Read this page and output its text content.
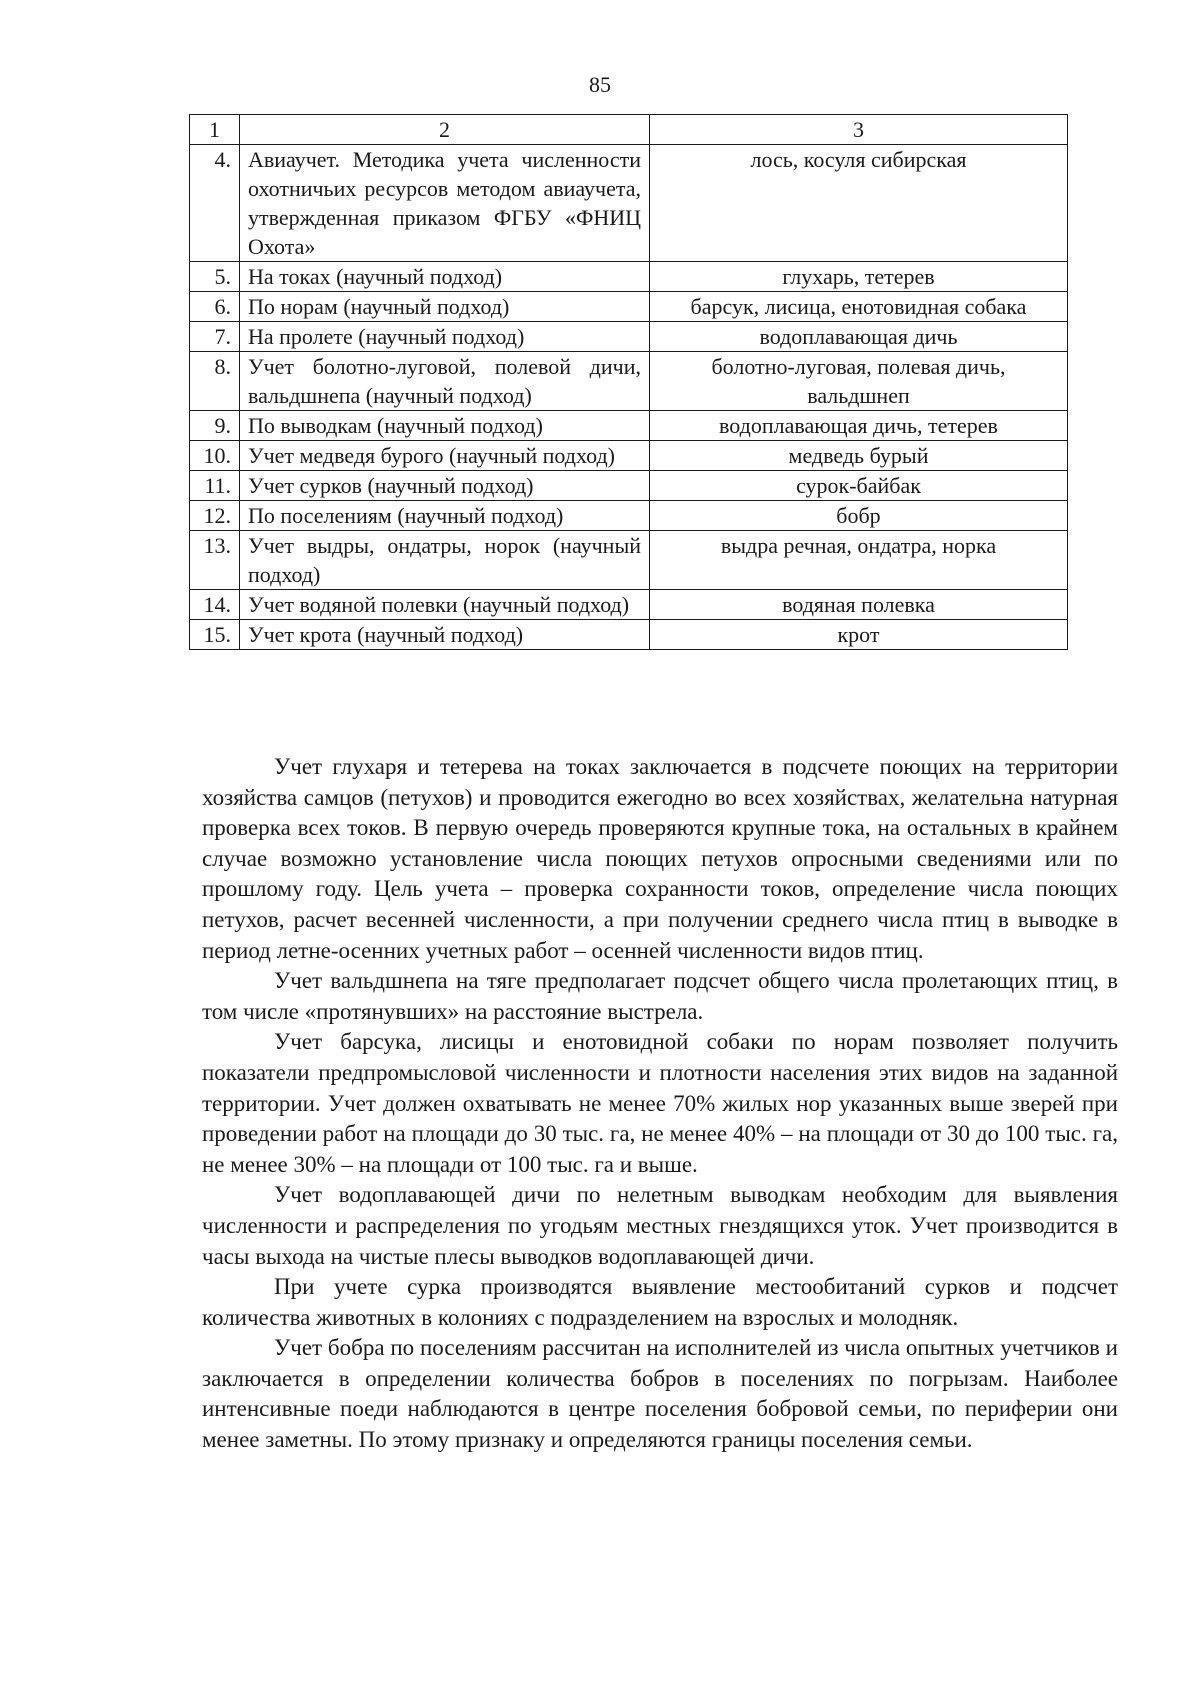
85
1	2	3
4.	Авиаучет. Методика учета численности охотничьих ресурсов методом авиаучета, утвержденная приказом ФГБУ «ФНИЦ Охота»	лось, косуля сибирская
5.	На токах (научный подход)	глухарь, тетерев
6.	По норам (научный подход)	барсук, лисица, енотовидная собака
7.	На пролете (научный подход)	водоплавающая дичь
8.	Учет болотно-луговой, полевой дичи, вальдшнепа (научный подход)	болотно-луговая, полевая дичь, вальдшнеп
9.	По выводкам (научный подход)	водоплавающая дичь, тетерев
10.	Учет медведя бурого (научный подход)	медведь бурый
11.	Учет сурков (научный подход)	сурок-байбак
12.	По поселениям (научный подход)	бобр
13.	Учет выдры, ондатры, норок (научный подход)	выдра речная, ондатра, норка
14.	Учет водяной полевки (научный подход)	водяная полевка
15.	Учет крота (научный подход)	крот

Учет глухаря и тетерева на токах заключается в подсчете поющих на территории хозяйства самцов (петухов) и проводится ежегодно во всех хозяйствах, желательна натурная проверка всех токов. В первую очередь проверяются крупные тока, на остальных в крайнем случае возможно установление числа поющих петухов опросными сведениями или по прошлому году. Цель учета – проверка сохранности токов, определение числа поющих петухов, расчет весенней численности, а при получении среднего числа птиц в выводке в период летне-осенних учетных работ – осенней численности видов птиц.

Учет вальдшнепа на тяге предполагает подсчет общего числа пролетающих птиц, в том числе «протянувших» на расстояние выстрела.

Учет барсука, лисицы и енотовидной собаки по норам позволяет получить показатели предпромысловой численности и плотности населения этих видов на заданной территории. Учет должен охватывать не менее 70% жилых нор указанных выше зверей при проведении работ на площади до 30 тыс. га, не менее 40% – на площади от 30 до 100 тыс. га, не менее 30% – на площади от 100 тыс. га и выше.

Учет водоплавающей дичи по нелетным выводкам необходим для выявления численности и распределения по угодьям местных гнездящихся уток. Учет производится в часы выхода на чистые плесы выводков водоплавающей дичи.

При учете сурка производятся выявление местообитаний сурков и подсчет количества животных в колониях с подразделением на взрослых и молодняк.

Учет бобра по поселениям рассчитан на исполнителей из числа опытных учетчиков и заключается в определении количества бобров в поселениях по погрызам. Наиболее интенсивные поеди наблюдаются в центре поселения бобровой семьи, по периферии они менее заметны. По этому признаку и определяются границы поселения семьи.
